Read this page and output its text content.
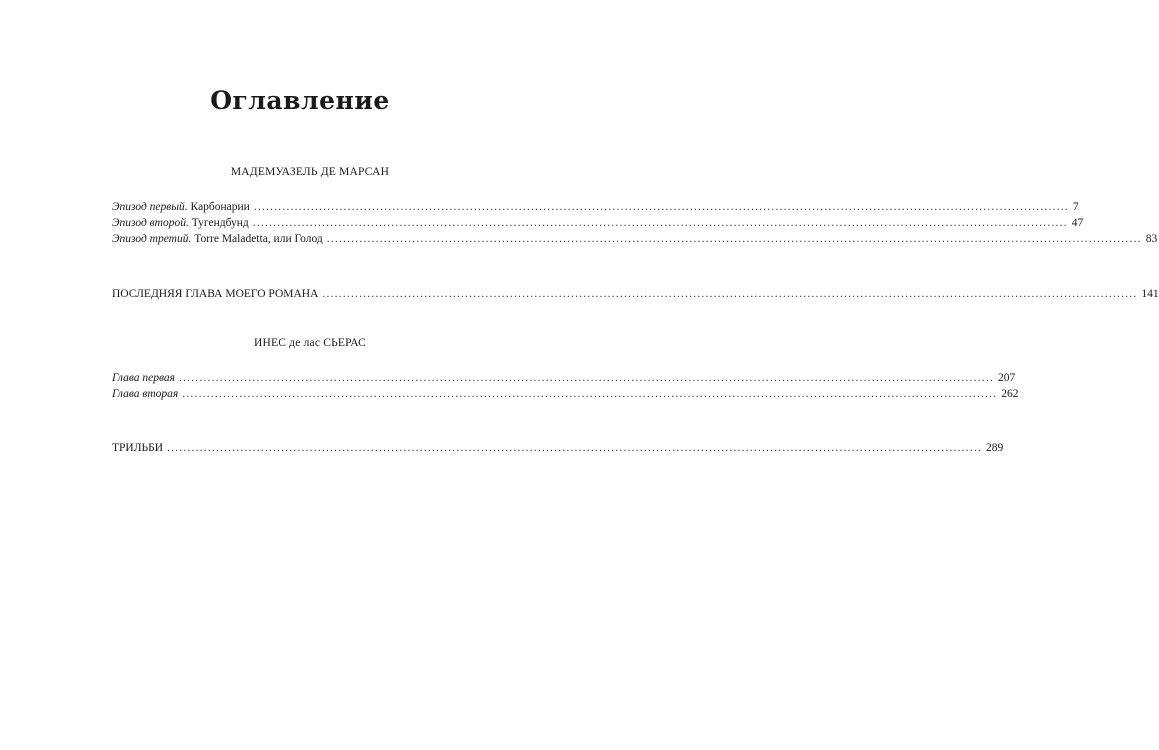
Оглавление
МАДЕМУАЗЕЛЬ ДЕ МАРСАН
Эпизод первый. Карбонарии ........................................................................................................................................................................................................ 7
Эпизод второй. Тугендбунд ........................................................................................................................................................................................................ 47
Эпизод третий. Torre Maladetta, или Голод ........................................................................................................................................................................................................ 83
ПОСЛЕДНЯЯ ГЛАВА МОЕГО РОМАНА ........................................................................................................................................................................................................ 141
ИНЕС де лас СЬЕРАС
Глава первая ........................................................................................................................................................................................................ 207
Глава вторая ........................................................................................................................................................................................................ 262
ТРИЛЬБИ ........................................................................................................................................................................................................ 289
